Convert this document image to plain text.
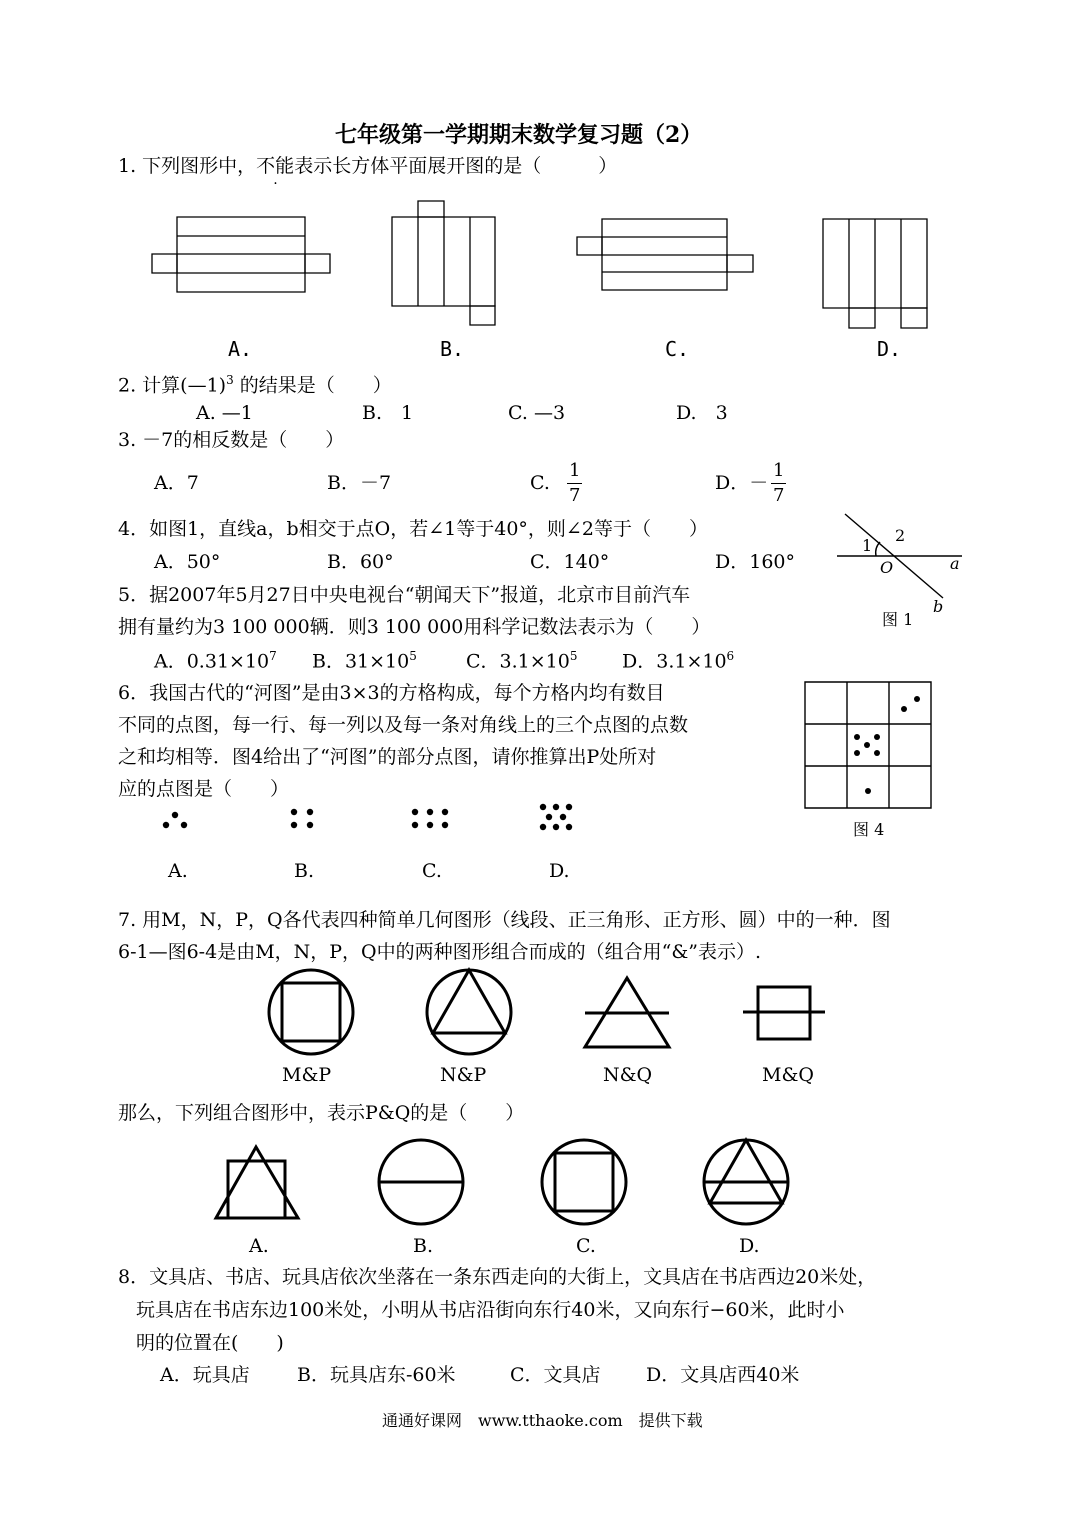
七年级第一学期期末数学复习题（2）
1. 下列图形中，不能表示长方体平面展开图的是（　　　）
A.	B.	C.	D.
2. 计算(—1)$^3$ 的结果是（　　）
A. —1	B.　1	C. —3	D.　3
3. －7的相反数是（　　）
A．7	B．－7	C.
1
7
D．－
1
7
4．如图1，直线a，b相交于点O，若∠1等于40°，则∠2等于（　　）
A．50°	B．60°	C．140°	D．160°
1
2
O	a
b
图 1
5．据2007年5月27日中央电视台“朝闻天下”报道，北京市目前汽车
拥有量约为3 100 000辆．则3 100 000用科学记数法表示为（　　）
A．$0.31\times 10^7$ B．$31\times 10^5$	C．$3.1\times 10^5$ D．$3.1\times 10^6$
6．我国古代的“河图”是由3×3的方格构成，每个方格内均有数目
不同的点图，每一行、每一列以及每一条对角线上的三个点图的点数
之和均相等．图4给出了“河图”的部分点图，请你推算出P处所对
应的点图是（　　）
图 4
A.	B.	C.	D.
7. 用M，N，P，Q各代表四种简单几何图形（线段、正三角形、正方形、圆）中的一种．图
6-1—图6-4是由M，N，P，Q中的两种图形组合而成的（组合用“&”表示）.
M&P	N&P	N&Q	M&Q
那么，下列组合图形中，表示P&Q的是（　　）
A.	B.	C.	D.
8．文具店、书店、玩具店依次坐落在一条东西走向的大街上，文具店在书店西边20米处，
玩具店在书店东边100米处，小明从书店沿街向东行40米，又向东行−60米，此时小
明的位置在(　　)
A．玩具店 B．玩具店东-60米	C．文具店 D．文具店西40米
通通好课网　www.tthaoke.com　提供下载
